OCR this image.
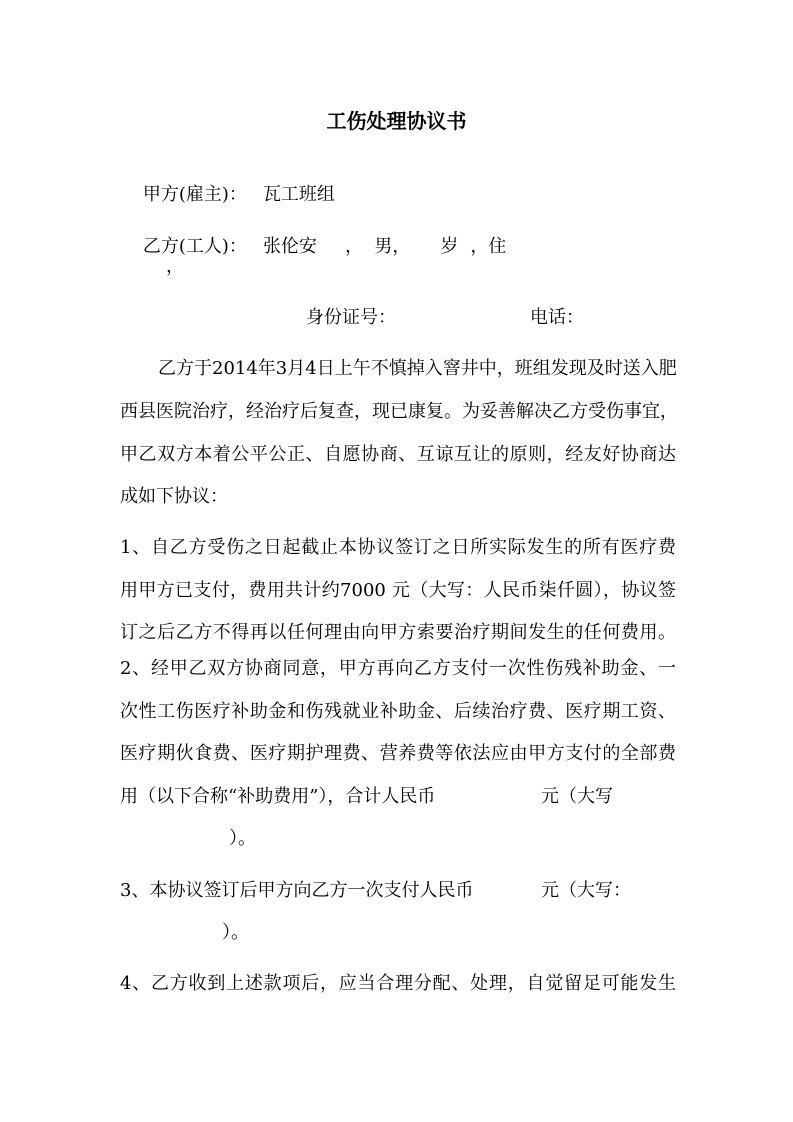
工伤处理协议书

甲方(雇主)： 瓦工班组

乙方(工人)： 张伦安 ，  男， 岁 ，住

，
身份证号：	电话：
乙方于2014年3月4日上午不慎掉入窨井中，班组发现及时送入肥
西县医院治疗，经治疗后复查，现已康复。为妥善解决乙方受伤事宜，
甲乙双方本着公平公正、自愿协商、互谅互让的原则，经友好协商达
成如下协议：
1、自乙方受伤之日起截止本协议签订之日所实际发生的所有医疗费
用甲方已支付，费用共计约7000 元（大写：人民币柒仟圆），协议签
订之后乙方不得再以任何理由向甲方索要治疗期间发生的任何费用。
2、经甲乙双方协商同意，甲方再向乙方支付一次性伤残补助金、一
次性工伤医疗补助金和伤残就业补助金、后续治疗费、医疗期工资、
医疗期伙食费、医疗期护理费、营养费等依法应由甲方支付的全部费
用（以下合称“补助费用”），合计人民币	元（大写
）。
3、本协议签订后甲方向乙方一次支付人民币	元（大写：
）。
4、乙方收到上述款项后，应当合理分配、处理，自觉留足可能发生
